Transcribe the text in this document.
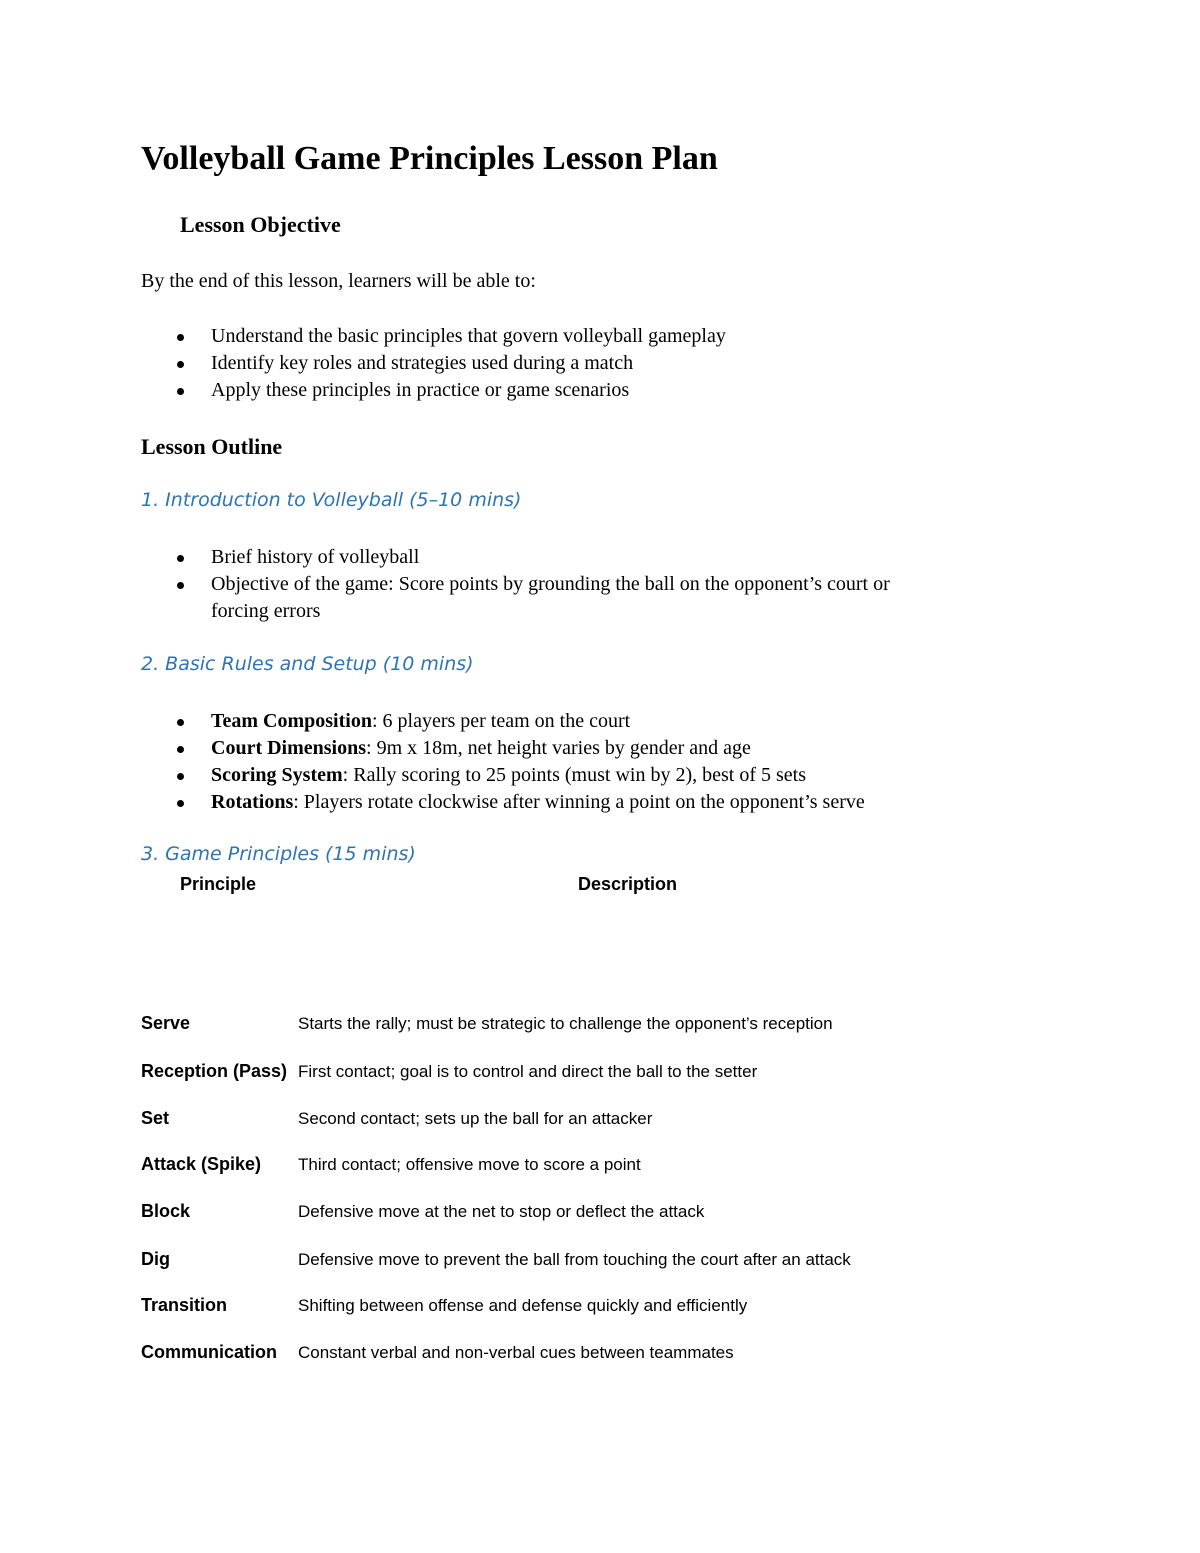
Volleyball Game Principles Lesson Plan
Lesson Objective
By the end of this lesson, learners will be able to:
Understand the basic principles that govern volleyball gameplay
Identify key roles and strategies used during a match
Apply these principles in practice or game scenarios
Lesson Outline
1. Introduction to Volleyball (5–10 mins)
Brief history of volleyball
Objective of the game: Score points by grounding the ball on the opponent’s court or
forcing errors
2. Basic Rules and Setup (10 mins)
Team Composition: 6 players per team on the court
Court Dimensions: 9m x 18m, net height varies by gender and age
Scoring System: Rally scoring to 25 points (must win by 2), best of 5 sets
Rotations: Players rotate clockwise after winning a point on the opponent’s serve
3. Game Principles (15 mins)
Principle	Description
Serve	Starts the rally; must be strategic to challenge the opponent’s reception
Reception (Pass) First contact; goal is to control and direct the ball to the setter
Set	Second contact; sets up the ball for an attacker
Attack (Spike) Third contact; offensive move to score a point
Block	Defensive move at the net to stop or deflect the attack
Dig	Defensive move to prevent the ball from touching the court after an attack
Transition	Shifting between offense and defense quickly and efficiently
Communication Constant verbal and non-verbal cues between teammates
